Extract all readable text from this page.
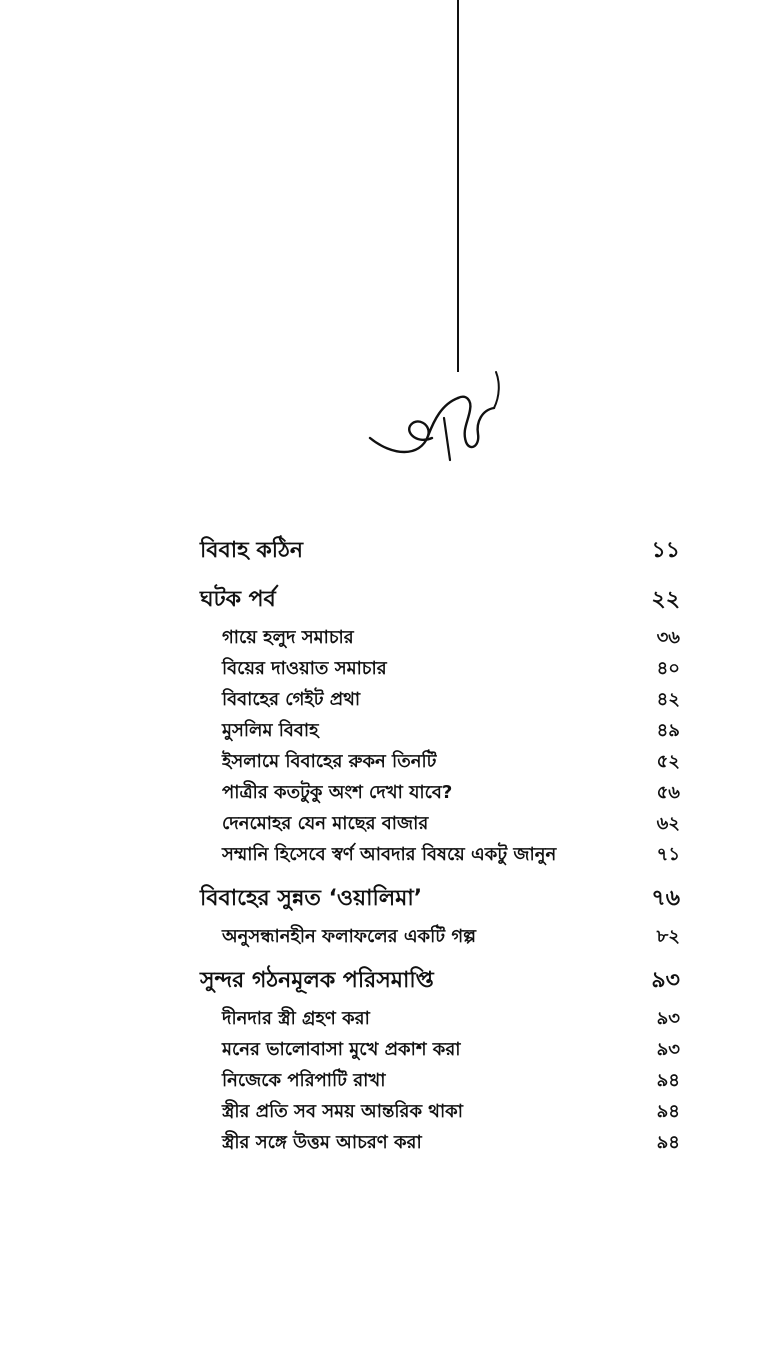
বিবাহ কঠিন	১১
ঘটক পর্ব	২২
গায়ে হলুদ সমাচার	৩৬
বিয়ের দাওয়াত সমাচার	৪০
বিবাহের গেইট প্রথা	৪২
মুসলিম বিবাহ	৪৯
ইসলামে বিবাহের রুকন তিনটি	৫২
পাত্রীর কতটুকু অংশ দেখা যাবে?	৫৬
দেনমোহর যেন মাছের বাজার	৬২
সম্মানি হিসেবে স্বর্ণ আবদার বিষয়ে একটু জানুন	৭১
বিবাহের সুন্নত ‘ওয়ালিমা’	৭৬
অনুসন্ধানহীন ফলাফলের একটি গল্প	৮২
সুন্দর গঠনমূলক পরিসমাপ্তি	৯৩
দীনদার স্ত্রী গ্রহণ করা	৯৩
মনের ভালোবাসা মুখে প্রকাশ করা	৯৩
নিজেকে পরিপাটি রাখা	৯৪
স্ত্রীর প্রতি সব সময় আন্তরিক থাকা	৯৪
স্ত্রীর সঙ্গে উত্তম আচরণ করা	৯৪
